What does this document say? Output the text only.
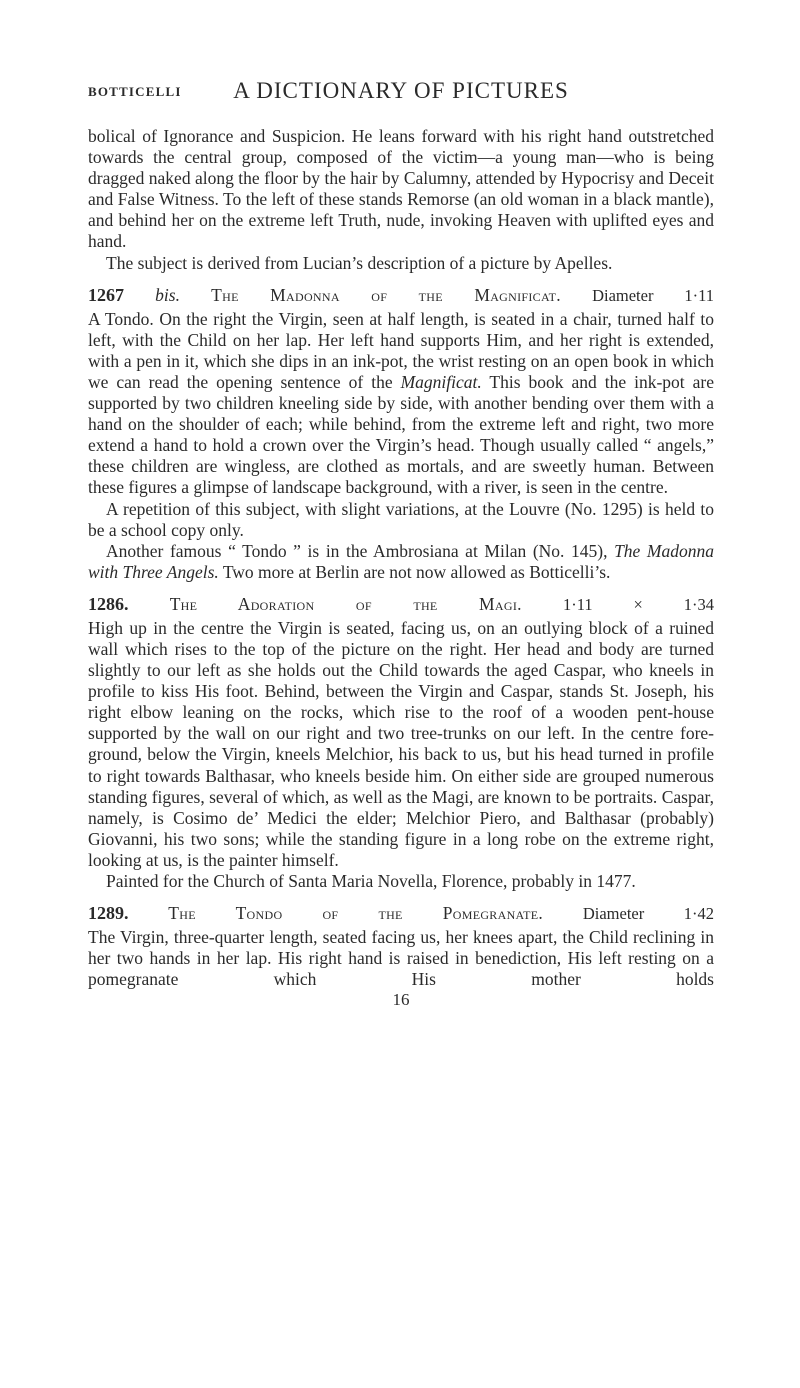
BOTTICELLI	A DICTIONARY OF PICTURES

bolical of Ignorance and Suspicion. He leans forward with his right hand outstretched towards the central group, composed of the victim—a young man—who is being dragged naked along the floor by the hair by Calumny, attended by Hypocrisy and Deceit and False Witness. To the left of these stands Remorse (an old woman in a black mantle), and behind her on the extreme left Truth, nude, invoking Heaven with uplifted eyes and hand.

The subject is derived from Lucian’s description of a picture by Apelles.

1267 bis. The Madonna of the Magnificat. Diameter 1·11

A Tondo. On the right the Virgin, seen at half length, is seated in a chair, turned half to left, with the Child on her lap. Her left hand supports Him, and her right is extended, with a pen in it, which she dips in an ink-pot, the wrist resting on an open book in which we can read the opening sentence of the Magnificat. This book and the ink-pot are supported by two children kneeling side by side, with another bending over them with a hand on the shoulder of each; while behind, from the extreme left and right, two more extend a hand to hold a crown over the Virgin’s head. Though usually called “ angels,” these children are wingless, are clothed as mortals, and are sweetly human. Between these figures a glimpse of landscape background, with a river, is seen in the centre.

A repetition of this subject, with slight variations, at the Louvre (No. 1295) is held to be a school copy only.

Another famous “ Tondo ” is in the Ambrosiana at Milan (No. 145), The Madonna with Three Angels. Two more at Berlin are not now allowed as Botticelli’s.

1286. The Adoration of the Magi. 1·11 × 1·34

High up in the centre the Virgin is seated, facing us, on an outlying block of a ruined wall which rises to the top of the picture on the right. Her head and body are turned slightly to our left as she holds out the Child towards the aged Caspar, who kneels in profile to kiss His foot. Behind, between the Virgin and Caspar, stands St. Joseph, his right elbow leaning on the rocks, which rise to the roof of a wooden pent-house supported by the wall on our right and two tree-trunks on our left. In the centre fore-ground, below the Virgin, kneels Melchior, his back to us, but his head turned in profile to right towards Balthasar, who kneels beside him. On either side are grouped numerous standing figures, several of which, as well as the Magi, are known to be portraits. Caspar, namely, is Cosimo de’ Medici the elder; Melchior Piero, and Balthasar (probably) Giovanni, his two sons; while the standing figure in a long robe on the extreme right, looking at us, is the painter himself.

Painted for the Church of Santa Maria Novella, Florence, probably in 1477.

1289. The Tondo of the Pomegranate. Diameter 1·42

The Virgin, three-quarter length, seated facing us, her knees apart, the Child reclining in her two hands in her lap. His right hand is raised in benediction, His left resting on a pomegranate which His mother holds

16
